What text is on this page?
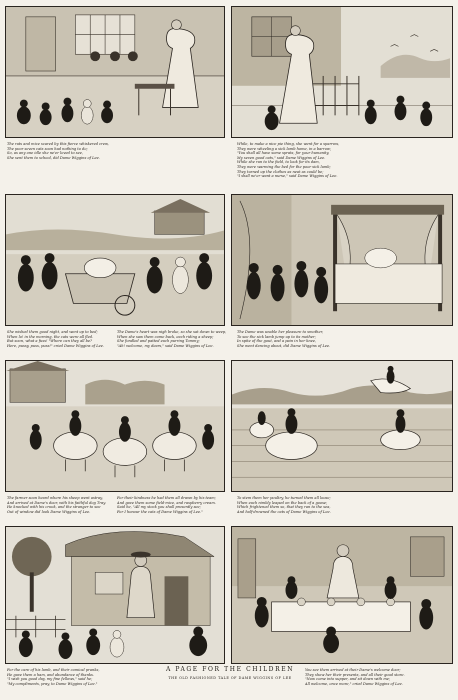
The rats and mice scared by this fierce whiskered crew,
The poor seven cats soon had nothing to do;
So, as any one idle she ne'er loved to see,
She sent them to school, did Dame Wiggins of Lee.
While, to make a nice pie thing, she went for a sparrow,
They were wheeling a sick lamb home, in a barrow;
"You shall all have some sprats, for your humanity,
My seven good cats," said Dame Wiggins of Lee.
While she ran to the field, to look for its dam,
They were warming the bed for the poor sick lamb;
They turned up the clothes as neat as could be;
"I shall ne'er want a nurse," said Dame Wiggins of Lee.
She wished them good night, and went up to bed;
When lo! in the morning, the cats were all fled.
But soon, what a fuss! "Where can they all be?
Here, pussy, puss, puss!" cried Dame Wiggins of Lee.
The Dame's heart was nigh broke, so she sat down to weep,
When she saw them come back, each riding a sheep;
She fondled and patted each purring Tommy;
"Ah! welcome, my dears," said Dame Wiggins of Lee.
The Dame was unable her pleasure to smother,
To see the sick lamb jump up to its mother;
In spite of the gout, and a pain in her knee,
She went dancing about, did Dame Wiggins of Lee.
The farmer soon heard where his sheep went astray,
And arrived at Dame's door, with his faithful dog Tray.
He knocked with his crook, and the stranger to see
Out of window did look Dame Wiggins of Lee.
For their kindness he had them all drawn by his team;
And gave them some field-mice, and raspberry cream.
Said he, "All my stock you shall presently see;
For I honour the cats of Dame Wiggins of Lee."
To stem them her poultry, he turned them all loose;
When each nimbly leaped on the back of a goose;
Which frightened them so, that they ran to the sea,
And half-drowned the cats of Dame Wiggins of Lee.
For the care of his lamb, and their comical pranks,
He gave them a ham, and abundance of thanks.
"I wish you good day, my fine fellows," said he;
"My compliments, pray, to Dame Wiggins of Lee."
You see them arrived at their Dame's welcome door;
They show her their presents, and all their good store.
"Now come into supper, and sit down with me;
All welcome, once more," cried Dame Wiggins of Lee.
A PAGE FOR THE CHILDREN
THE OLD FASHIONED TALE OF DAME WIGGINS OF LEE
